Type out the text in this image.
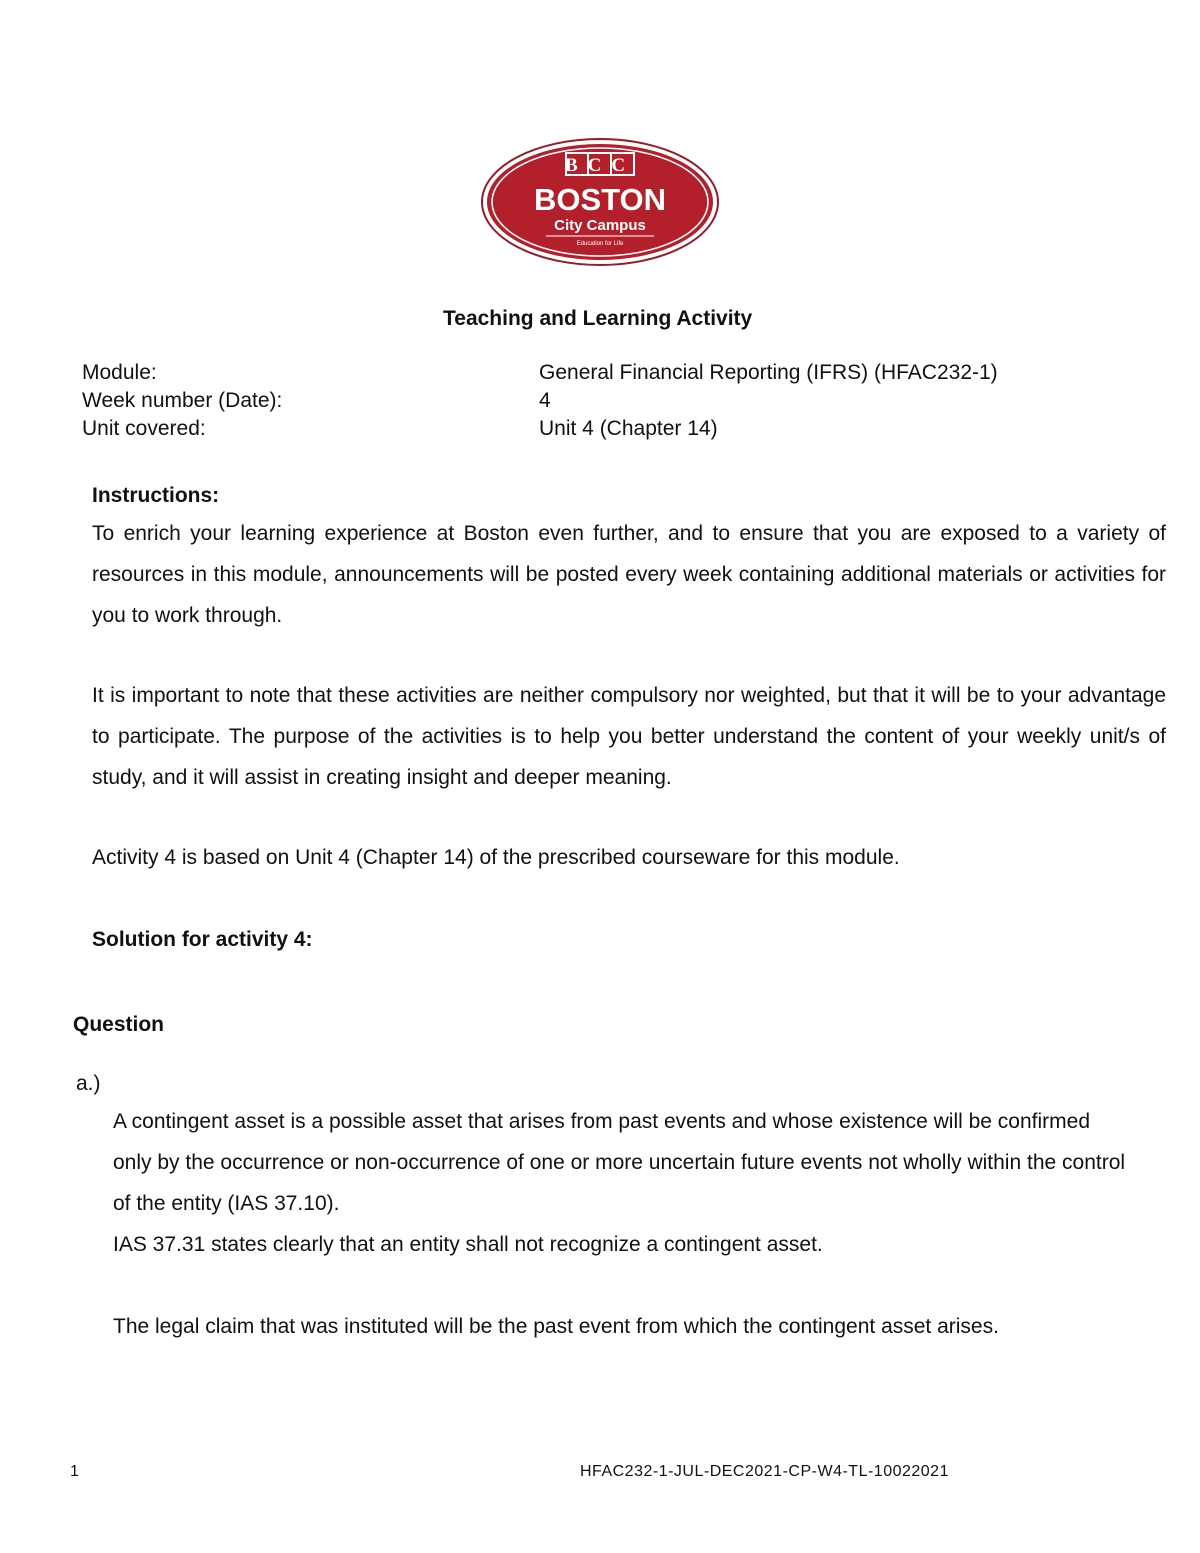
BCC
BOSTON
City Campus
Education for Life
Teaching and Learning Activity
Module:	General Financial Reporting (IFRS) (HFAC232-1)
Week number (Date):	4
Unit covered:	Unit 4 (Chapter 14)
Instructions:
To enrich your learning experience at Boston even further, and to ensure that you are exposed to a variety of resources in this module, announcements will be posted every week containing additional materials or activities for you to work through.
It is important to note that these activities are neither compulsory nor weighted, but that it will be to your advantage to participate. The purpose of the activities is to help you better understand the content of your weekly unit/s of study, and it will assist in creating insight and deeper meaning.
Activity 4 is based on Unit 4 (Chapter 14) of the prescribed courseware for this module.
Solution for activity 4:
Question
a.)
A contingent asset is a possible asset that arises from past events and whose existence will be confirmed only by the occurrence or non-occurrence of one or more uncertain future events not wholly within the control of the entity (IAS 37.10).
IAS 37.31 states clearly that an entity shall not recognize a contingent asset.
The legal claim that was instituted will be the past event from which the contingent asset arises.
1	HFAC232-1-JUL-DEC2021-CP-W4-TL-10022021
